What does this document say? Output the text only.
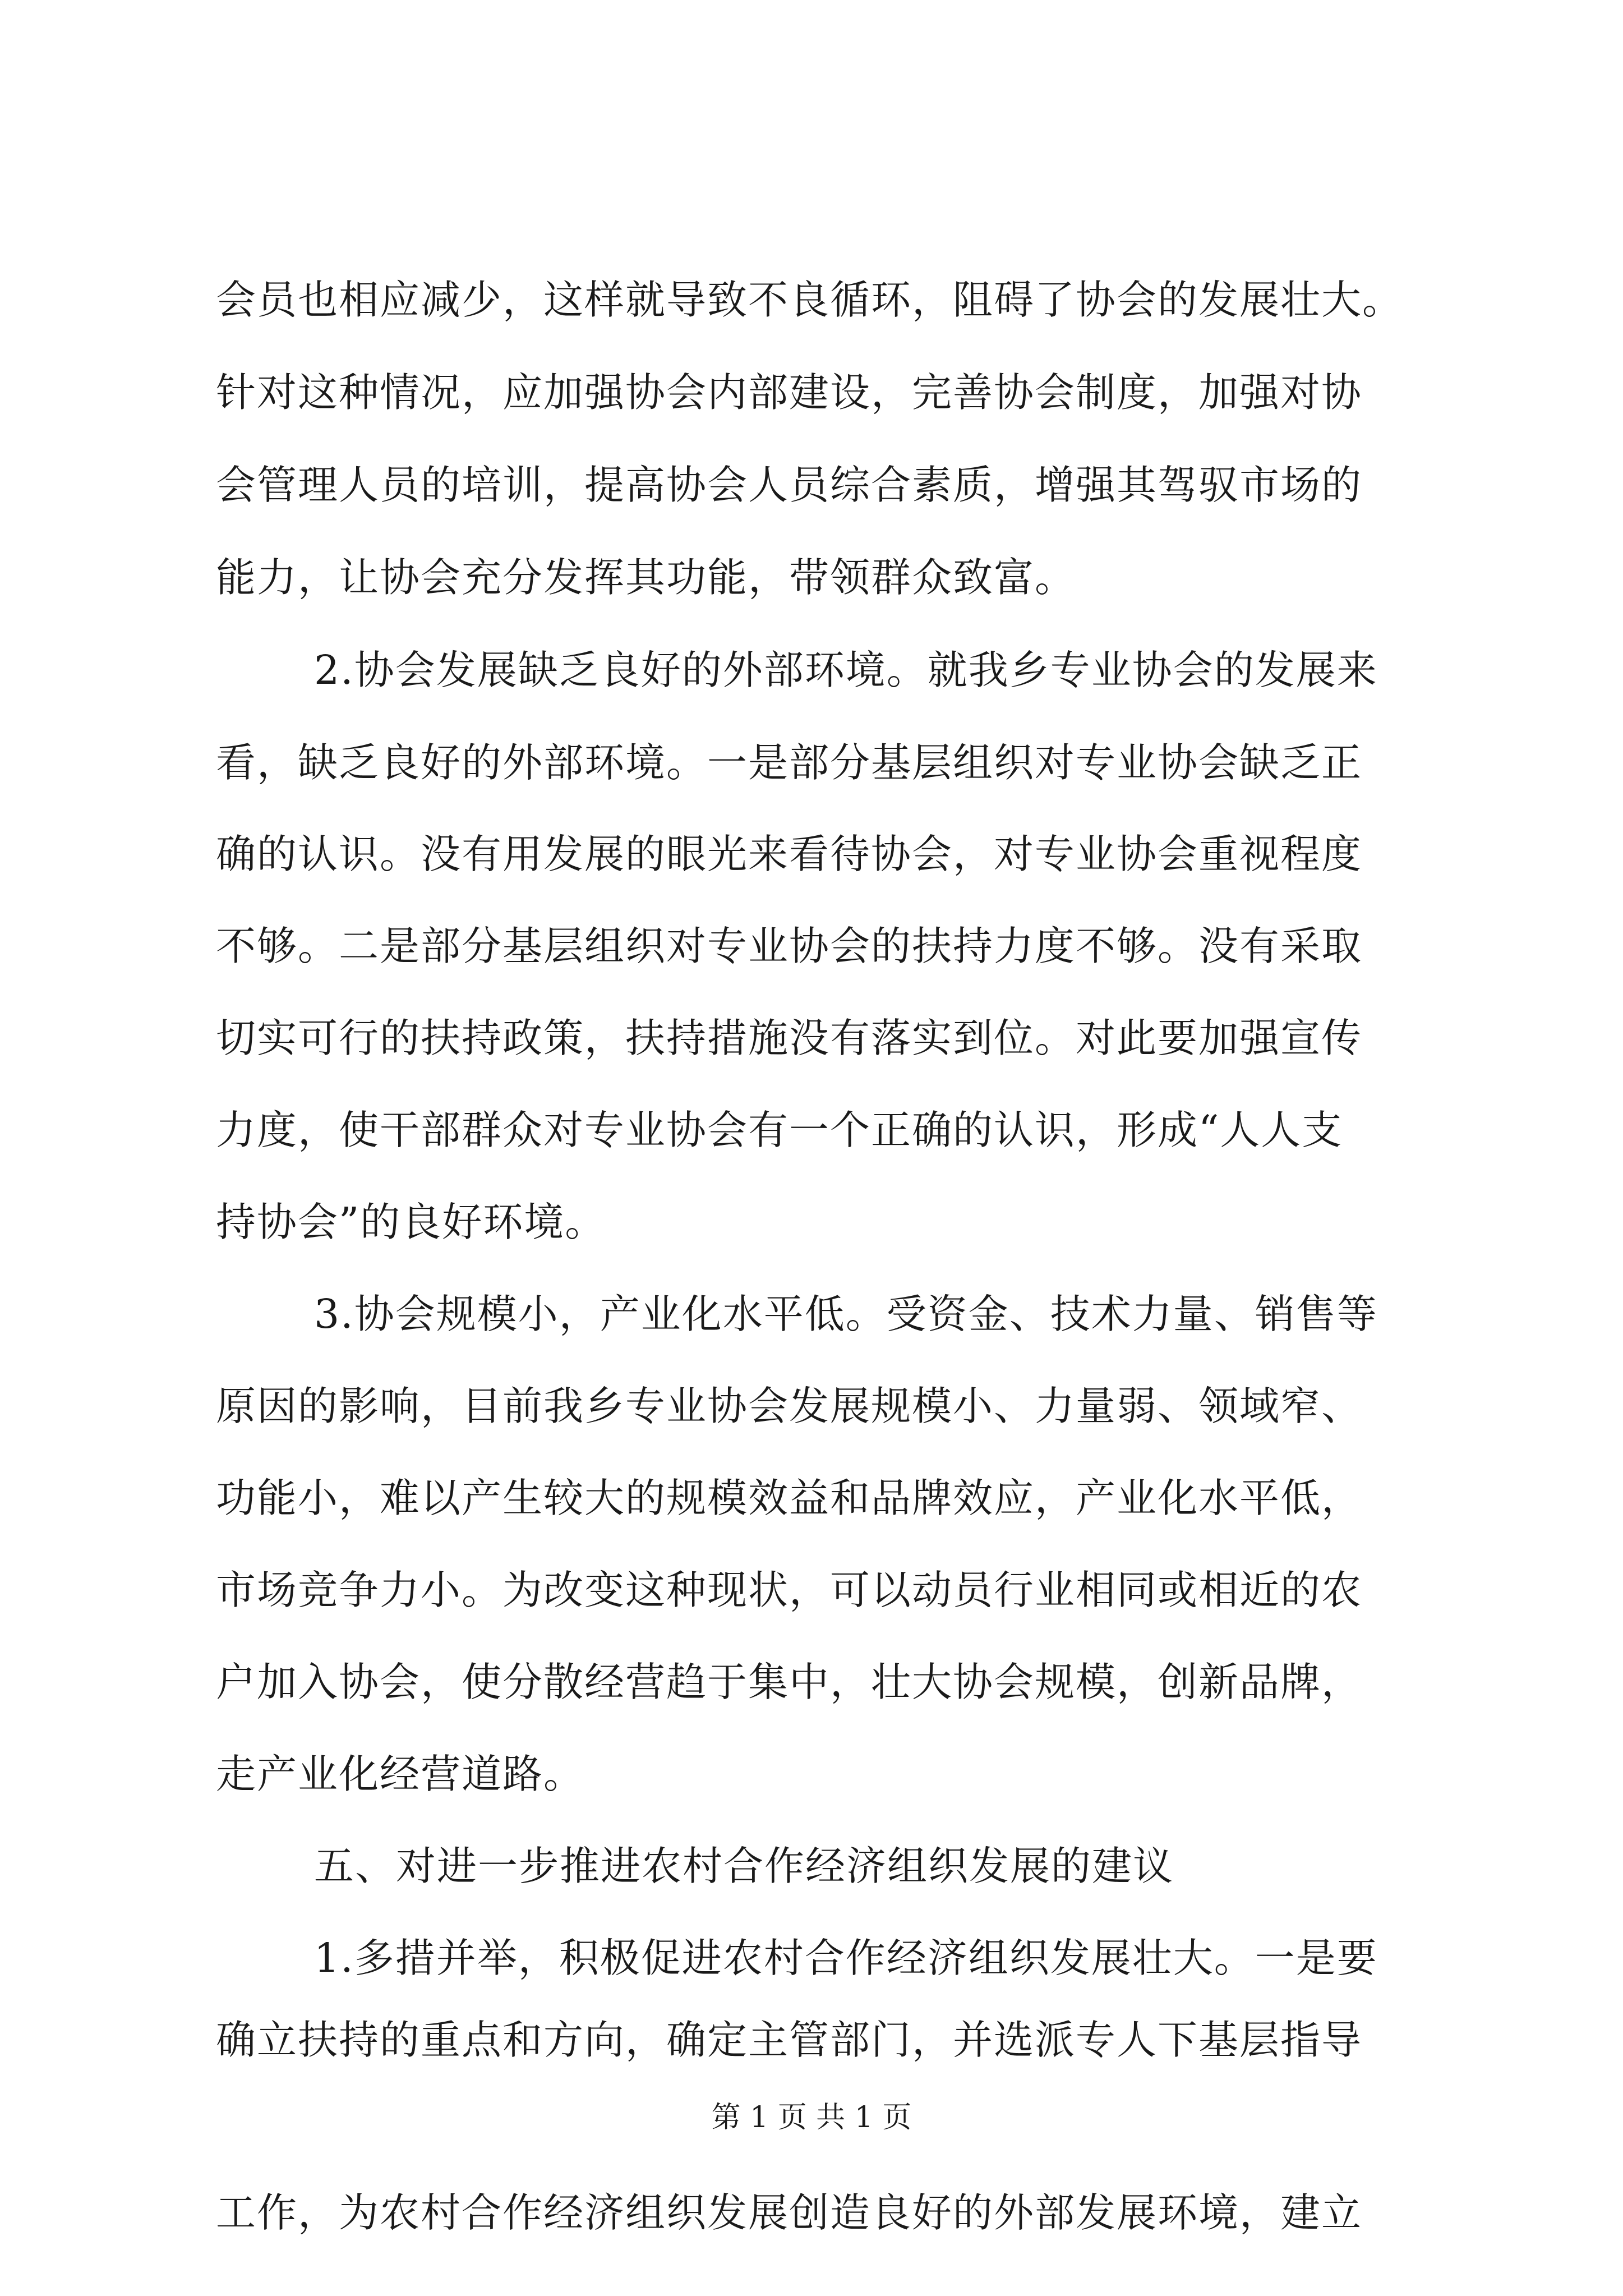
会员也相应减少，这样就导致不良循环，阻碍了协会的发展壮大。
针对这种情况，应加强协会内部建设，完善协会制度，加强对协
会管理人员的培训，提高协会人员综合素质，增强其驾驭市场的
能力，让协会充分发挥其功能，带领群众致富。
2.协会发展缺乏良好的外部环境。就我乡专业协会的发展来
看，缺乏良好的外部环境。一是部分基层组织对专业协会缺乏正
确的认识。没有用发展的眼光来看待协会，对专业协会重视程度
不够。二是部分基层组织对专业协会的扶持力度不够。没有采取
切实可行的扶持政策，扶持措施没有落实到位。对此要加强宣传
力度，使干部群众对专业协会有一个正确的认识，形成“人人支
持协会”的良好环境。
3.协会规模小，产业化水平低。受资金、技术力量、销售等
原因的影响，目前我乡专业协会发展规模小、力量弱、领域窄、
功能小，难以产生较大的规模效益和品牌效应，产业化水平低，
市场竞争力小。为改变这种现状，可以动员行业相同或相近的农
户加入协会，使分散经营趋于集中，壮大协会规模，创新品牌，
走产业化经营道路。
五、对进一步推进农村合作经济组织发展的建议
1.多措并举，积极促进农村合作经济组织发展壮大。一是要
确立扶持的重点和方向，确定主管部门，并选派专人下基层指导
工作，为农村合作经济组织发展创造良好的外部发展环境，建立
第 1 页 共 1 页
